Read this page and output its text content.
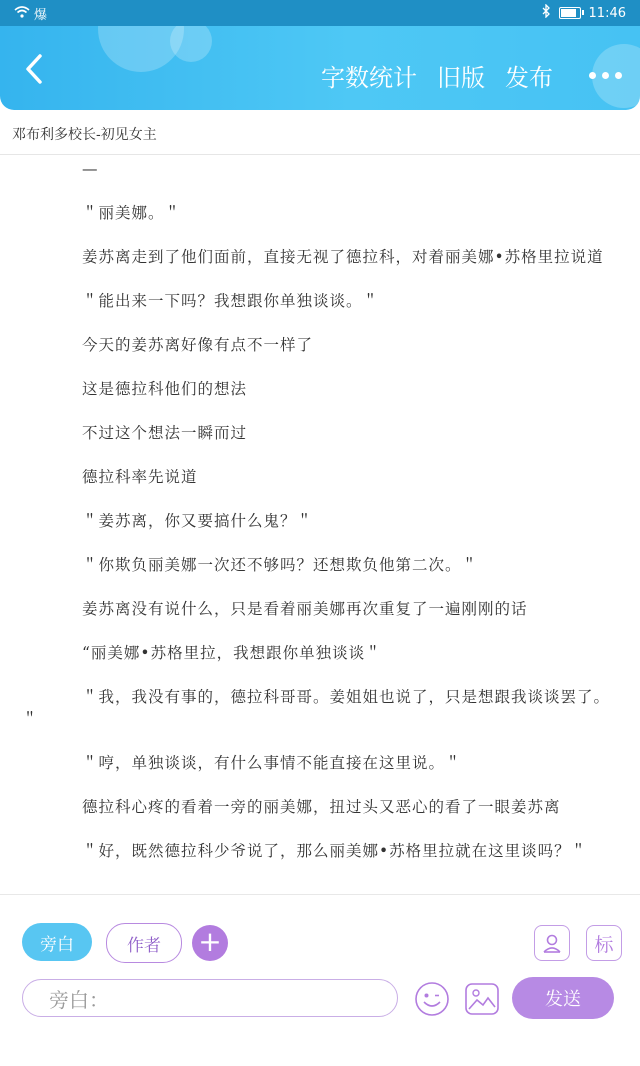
爆	11:46
字数统计 旧版 发布
邓布利多校长-初见女主

—

＂丽美娜。＂

姜苏离走到了他们面前，直接无视了德拉科，对着丽美娜•苏格里拉说道

＂能出来一下吗？我想跟你单独谈谈。＂

今天的姜苏离好像有点不一样了

这是德拉科他们的想法

不过这个想法一瞬而过

德拉科率先说道

＂姜苏离，你又要搞什么鬼？＂

＂你欺负丽美娜一次还不够吗？还想欺负他第二次。＂

姜苏离没有说什么，只是看着丽美娜再次重复了一遍刚刚的话

“丽美娜•苏格里拉，我想跟你单独谈谈＂

＂我，我没有事的，德拉科哥哥。姜姐姐也说了，只是想跟我谈谈罢了。＂

＂哼，单独谈谈，有什么事情不能直接在这里说。＂

德拉科心疼的看着一旁的丽美娜，扭过头又恶心的看了一眼姜苏离

＂好，既然德拉科少爷说了，那么丽美娜•苏格里拉就在这里谈吗？＂

旁白	作者	+	标
旁白：	发送
